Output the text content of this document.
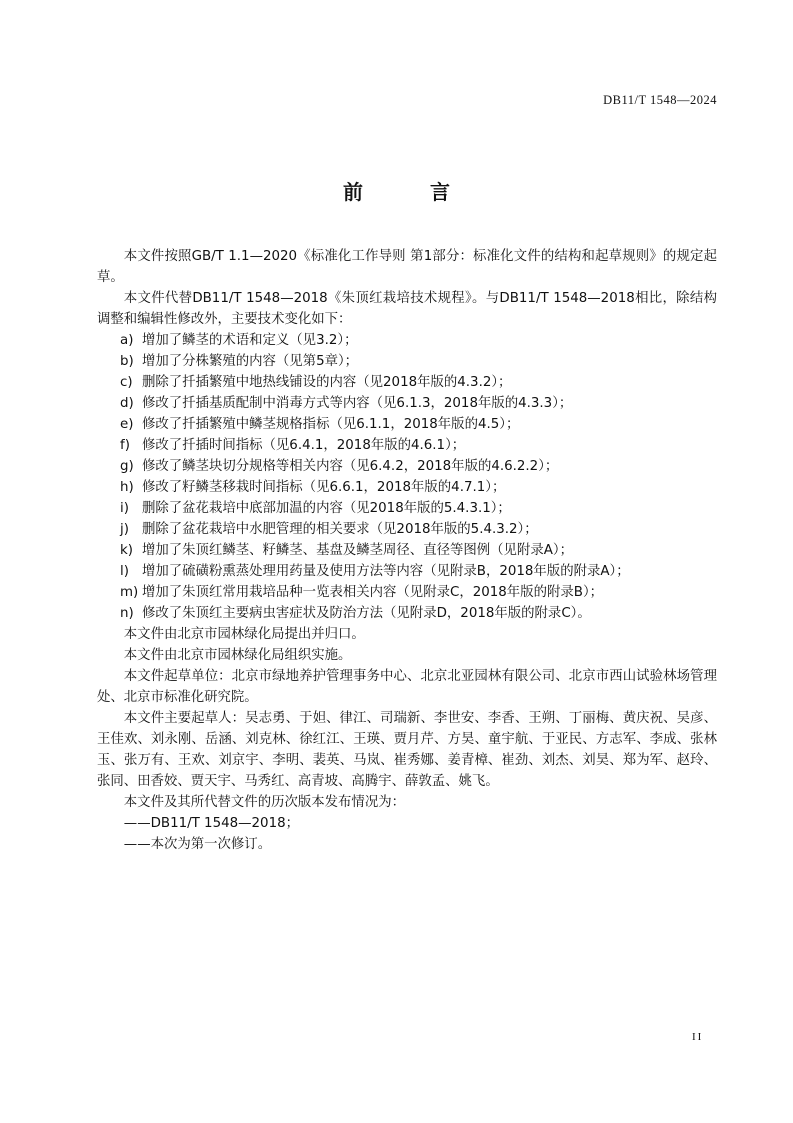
DB11/T 1548—2024
前 言

本文件按照GB/T 1.1—2020《标准化工作导则 第1部分：标准化文件的结构和起草规则》的规定起草。

本文件代替DB11/T 1548—2018《朱顶红栽培技术规程》。与DB11/T 1548—2018相比，除结构调整和编辑性修改外，主要技术变化如下：

a) 增加了鳞茎的术语和定义（见3.2）；
b) 增加了分株繁殖的内容（见第5章）；
c) 删除了扦插繁殖中地热线铺设的内容（见2018年版的4.3.2）；
d) 修改了扦插基质配制中消毒方式等内容（见6.1.3，2018年版的4.3.3）；
e) 修改了扦插繁殖中鳞茎规格指标（见6.1.1，2018年版的4.5）；
f) 修改了扦插时间指标（见6.4.1，2018年版的4.6.1）；
g) 修改了鳞茎块切分规格等相关内容（见6.4.2，2018年版的4.6.2.2）；
h) 修改了籽鳞茎移栽时间指标（见6.6.1，2018年版的4.7.1）；
i) 删除了盆花栽培中底部加温的内容（见2018年版的5.4.3.1）；
j) 删除了盆花栽培中水肥管理的相关要求（见2018年版的5.4.3.2）；
k) 增加了朱顶红鳞茎、籽鳞茎、基盘及鳞茎周径、直径等图例（见附录A）；
l) 增加了硫磺粉熏蒸处理用药量及使用方法等内容（见附录B，2018年版的附录A）；
m) 增加了朱顶红常用栽培品种一览表相关内容（见附录C，2018年版的附录B）；
n) 修改了朱顶红主要病虫害症状及防治方法（见附录D，2018年版的附录C）。

本文件由北京市园林绿化局提出并归口。

本文件由北京市园林绿化局组织实施。

本文件起草单位：北京市绿地养护管理事务中心、北京北亚园林有限公司、北京市西山试验林场管理处、北京市标准化研究院。

本文件主要起草人：吴志勇、于妲、律江、司瑞新、李世安、李香、王朔、丁丽梅、黄庆祝、吴彦、王佳欢、刘永刚、岳涵、刘克林、徐红江、王瑛、贾月芹、方昊、童宇航、于亚民、方志军、李成、张林玉、张万有、王欢、刘京宇、李明、裴英、马岚、崔秀娜、姜青樟、崔劲、刘杰、刘昊、郑为军、赵玲、张同、田香姣、贾天宇、马秀红、高青坡、高腾宇、薛敦孟、姚飞。

本文件及其所代替文件的历次版本发布情况为：

——DB11/T 1548—2018；

——本次为第一次修订。

II
